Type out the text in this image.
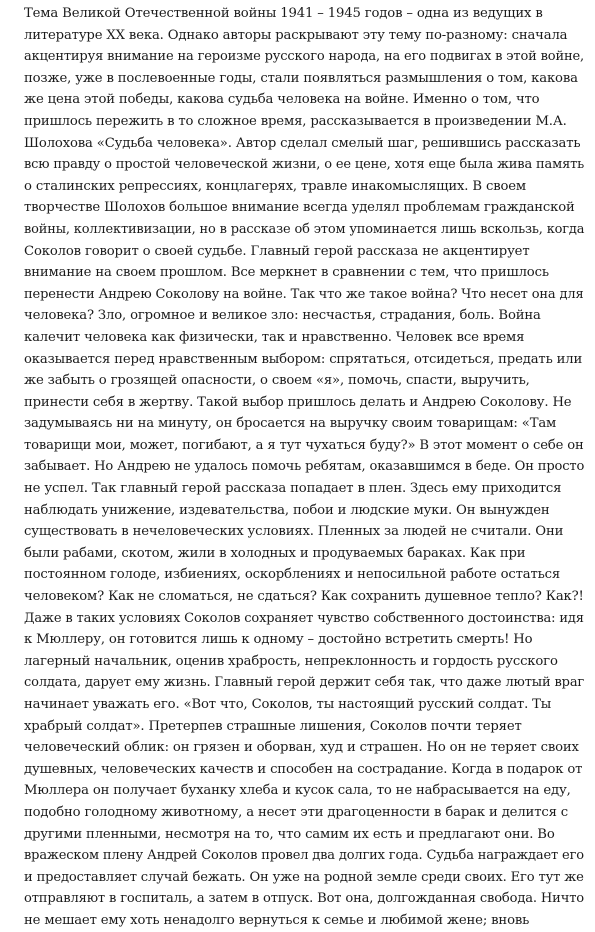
Тема Великой Отечественной войны 1941 – 1945 годов – одна из ведущих в
литературе XX века. Однако авторы раскрывают эту тему по-разному: сначала
акцентируя внимание на героизме русского народа, на его подвигах в этой войне,
позже, уже в послевоенные годы, стали появляться размышления о том, какова
же цена этой победы, какова судьба человека на войне. Именно о том, что
пришлось пережить в то сложное время, рассказывается в произведении М.А.
Шолохова «Судьба человека». Автор сделал смелый шаг, решившись рассказать
всю правду о простой человеческой жизни, о ее цене, хотя еще была жива память
о сталинских репрессиях, концлагерях, травле инакомыслящих. В своем
творчестве Шолохов большое внимание всегда уделял проблемам гражданской
войны, коллективизации, но в рассказе об этом упоминается лишь вскользь, когда
Соколов говорит о своей судьбе. Главный герой рассказа не акцентирует
внимание на своем прошлом. Все меркнет в сравнении с тем, что пришлось
перенести Андрею Соколову на войне. Так что же такое война? Что несет она для
человека? Зло, огромное и великое зло: несчастья, страдания, боль. Война
калечит человека как физически, так и нравственно. Человек все время
оказывается перед нравственным выбором: спрятаться, отсидеться, предать или
же забыть о грозящей опасности, о своем «я», помочь, спасти, выручить,
принести себя в жертву. Такой выбор пришлось делать и Андрею Соколову. Не
задумываясь ни на минуту, он бросается на выручку своим товарищам: «Там
товарищи мои, может, погибают, а я тут чухаться буду?» В этот момент о себе он
забывает. Но Андрею не удалось помочь ребятам, оказавшимся в беде. Он просто
не успел. Так главный герой рассказа попадает в плен. Здесь ему приходится
наблюдать унижение, издевательства, побои и людские муки. Он вынужден
существовать в нечеловеческих условиях. Пленных за людей не считали. Они
были рабами, скотом, жили в холодных и продуваемых бараках. Как при
постоянном голоде, избиениях, оскорблениях и непосильной работе остаться
человеком? Как не сломаться, не сдаться? Как сохранить душевное тепло? Как?!
Даже в таких условиях Соколов сохраняет чувство собственного достоинства: идя
к Мюллеру, он готовится лишь к одному – достойно встретить смерть! Но
лагерный начальник, оценив храбрость, непреклонность и гордость русского
солдата, дарует ему жизнь. Главный герой держит себя так, что даже лютый враг
начинает уважать его. «Вот что, Соколов, ты настоящий русский солдат. Ты
храбрый солдат». Претерпев страшные лишения, Соколов почти теряет
человеческий облик: он грязен и оборван, худ и страшен. Но он не теряет своих
душевных, человеческих качеств и способен на сострадание. Когда в подарок от
Мюллера он получает буханку хлеба и кусок сала, то не набрасывается на еду,
подобно голодному животному, а несет эти драгоценности в барак и делится с
другими пленными, несмотря на то, что самим их есть и предлагают они. Во
вражеском плену Андрей Соколов провел два долгих года. Судьба награждает его
и предоставляет случай бежать. Он уже на родной земле среди своих. Его тут же
отправляют в госпиталь, а затем в отпуск. Вот она, долгожданная свобода. Ничто
не мешает ему хоть ненадолго вернуться к семье и любимой жене; вновь
